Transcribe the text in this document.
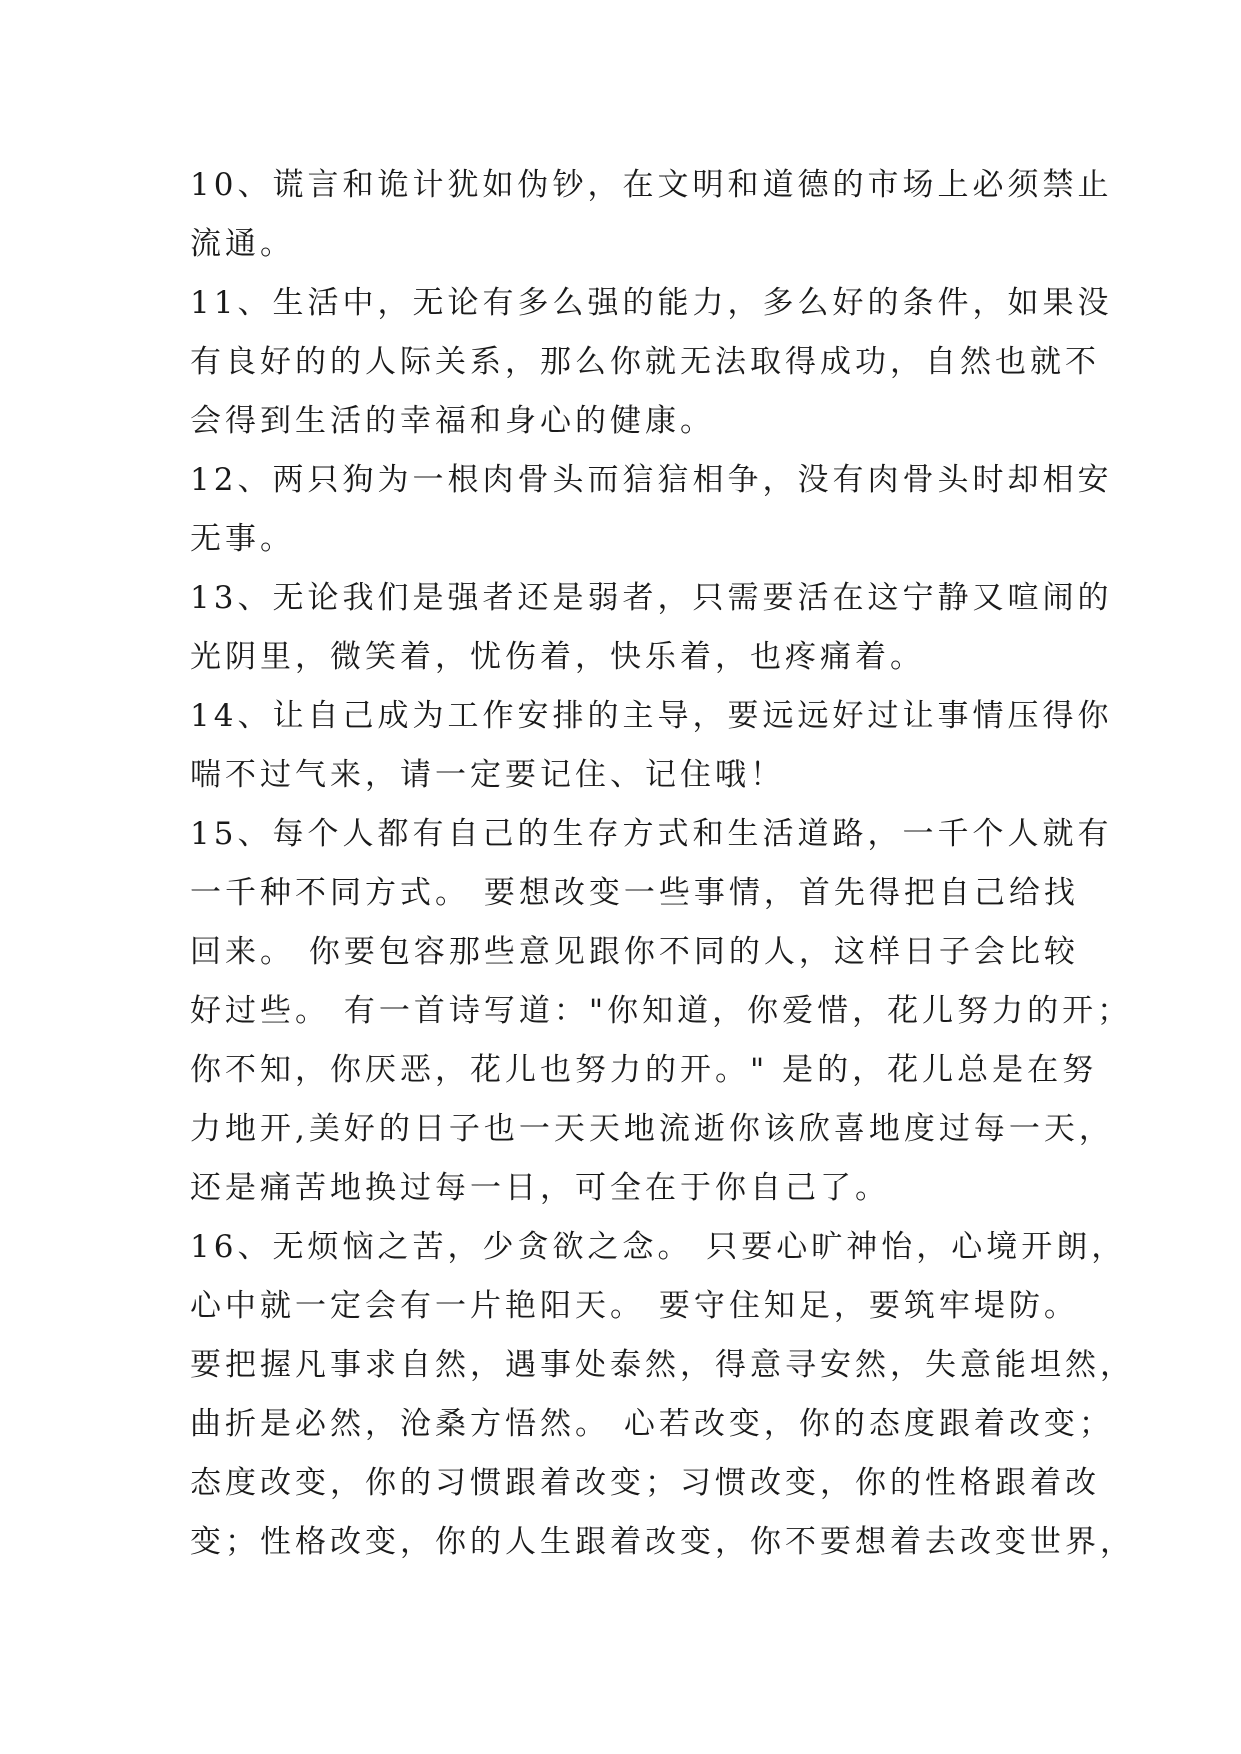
10、谎言和诡计犹如伪钞，在文明和道德的市场上必须禁止
流通。
11、生活中，无论有多么强的能力，多么好的条件，如果没
有良好的的人际关系，那么你就无法取得成功，自然也就不
会得到生活的幸福和身心的健康。
12、两只狗为一根肉骨头而狺狺相争，没有肉骨头时却相安
无事。
13、无论我们是强者还是弱者，只需要活在这宁静又喧闹的
光阴里，微笑着，忧伤着，快乐着，也疼痛着。
14、让自己成为工作安排的主导，要远远好过让事情压得你
喘不过气来，请一定要记住、记住哦！
15、每个人都有自己的生存方式和生活道路，一千个人就有
一千种不同方式。 要想改变一些事情，首先得把自己给找
回来。 你要包容那些意见跟你不同的人，这样日子会比较
好过些。 有一首诗写道："你知道，你爱惜，花儿努力的开；
你不知，你厌恶，花儿也努力的开。" 是的，花儿总是在努
力地开,美好的日子也一天天地流逝你该欣喜地度过每一天，
还是痛苦地换过每一日，可全在于你自己了。
16、无烦恼之苦，少贪欲之念。 只要心旷神怡，心境开朗，
心中就一定会有一片艳阳天。 要守住知足，要筑牢堤防。
要把握凡事求自然，遇事处泰然，得意寻安然，失意能坦然，
曲折是必然，沧桑方悟然。 心若改变，你的态度跟着改变；
态度改变，你的习惯跟着改变；习惯改变，你的性格跟着改
变；性格改变，你的人生跟着改变，你不要想着去改变世界，
